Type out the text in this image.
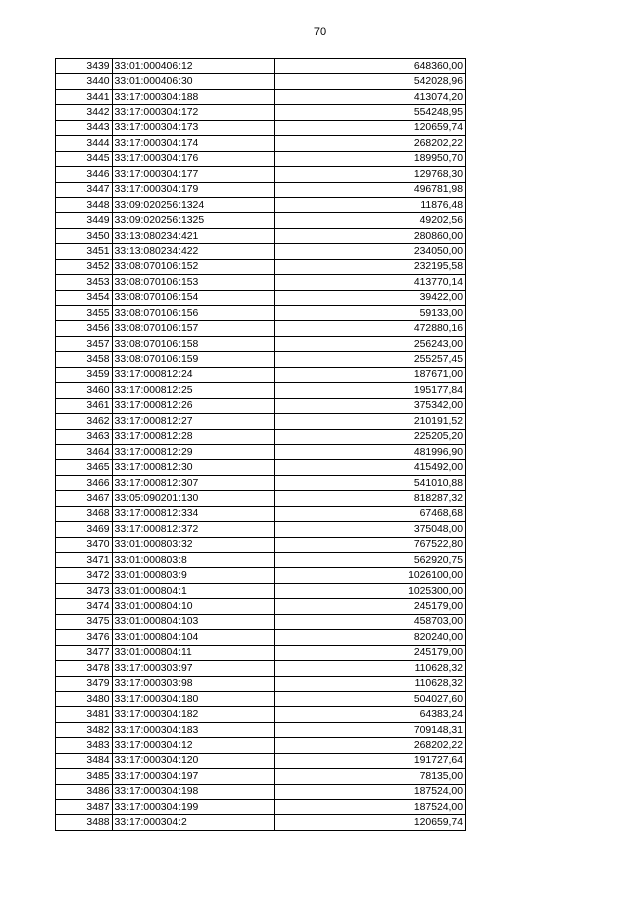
70
3439	33:01:000406:12	648360,00
3440	33:01:000406:30	542028,96
3441	33:17:000304:188	413074,20
3442	33:17:000304:172	554248,95
3443	33:17:000304:173	120659,74
3444	33:17:000304:174	268202,22
3445	33:17:000304:176	189950,70
3446	33:17:000304:177	129768,30
3447	33:17:000304:179	496781,98
3448	33:09:020256:1324	11876,48
3449	33:09:020256:1325	49202,56
3450	33:13:080234:421	280860,00
3451	33:13:080234:422	234050,00
3452	33:08:070106:152	232195,58
3453	33:08:070106:153	413770,14
3454	33:08:070106:154	39422,00
3455	33:08:070106:156	59133,00
3456	33:08:070106:157	472880,16
3457	33:08:070106:158	256243,00
3458	33:08:070106:159	255257,45
3459	33:17:000812:24	187671,00
3460	33:17:000812:25	195177,84
3461	33:17:000812:26	375342,00
3462	33:17:000812:27	210191,52
3463	33:17:000812:28	225205,20
3464	33:17:000812:29	481996,90
3465	33:17:000812:30	415492,00
3466	33:17:000812:307	541010,88
3467	33:05:090201:130	818287,32
3468	33:17:000812:334	67468,68
3469	33:17:000812:372	375048,00
3470	33:01:000803:32	767522,80
3471	33:01:000803:8	562920,75
3472	33:01:000803:9	1026100,00
3473	33:01:000804:1	1025300,00
3474	33:01:000804:10	245179,00
3475	33:01:000804:103	458703,00
3476	33:01:000804:104	820240,00
3477	33:01:000804:11	245179,00
3478	33:17:000303:97	110628,32
3479	33:17:000303:98	110628,32
3480	33:17:000304:180	504027,60
3481	33:17:000304:182	64383,24
3482	33:17:000304:183	709148,31
3483	33:17:000304:12	268202,22
3484	33:17:000304:120	191727,64
3485	33:17:000304:197	78135,00
3486	33:17:000304:198	187524,00
3487	33:17:000304:199	187524,00
3488	33:17:000304:2	120659,74
